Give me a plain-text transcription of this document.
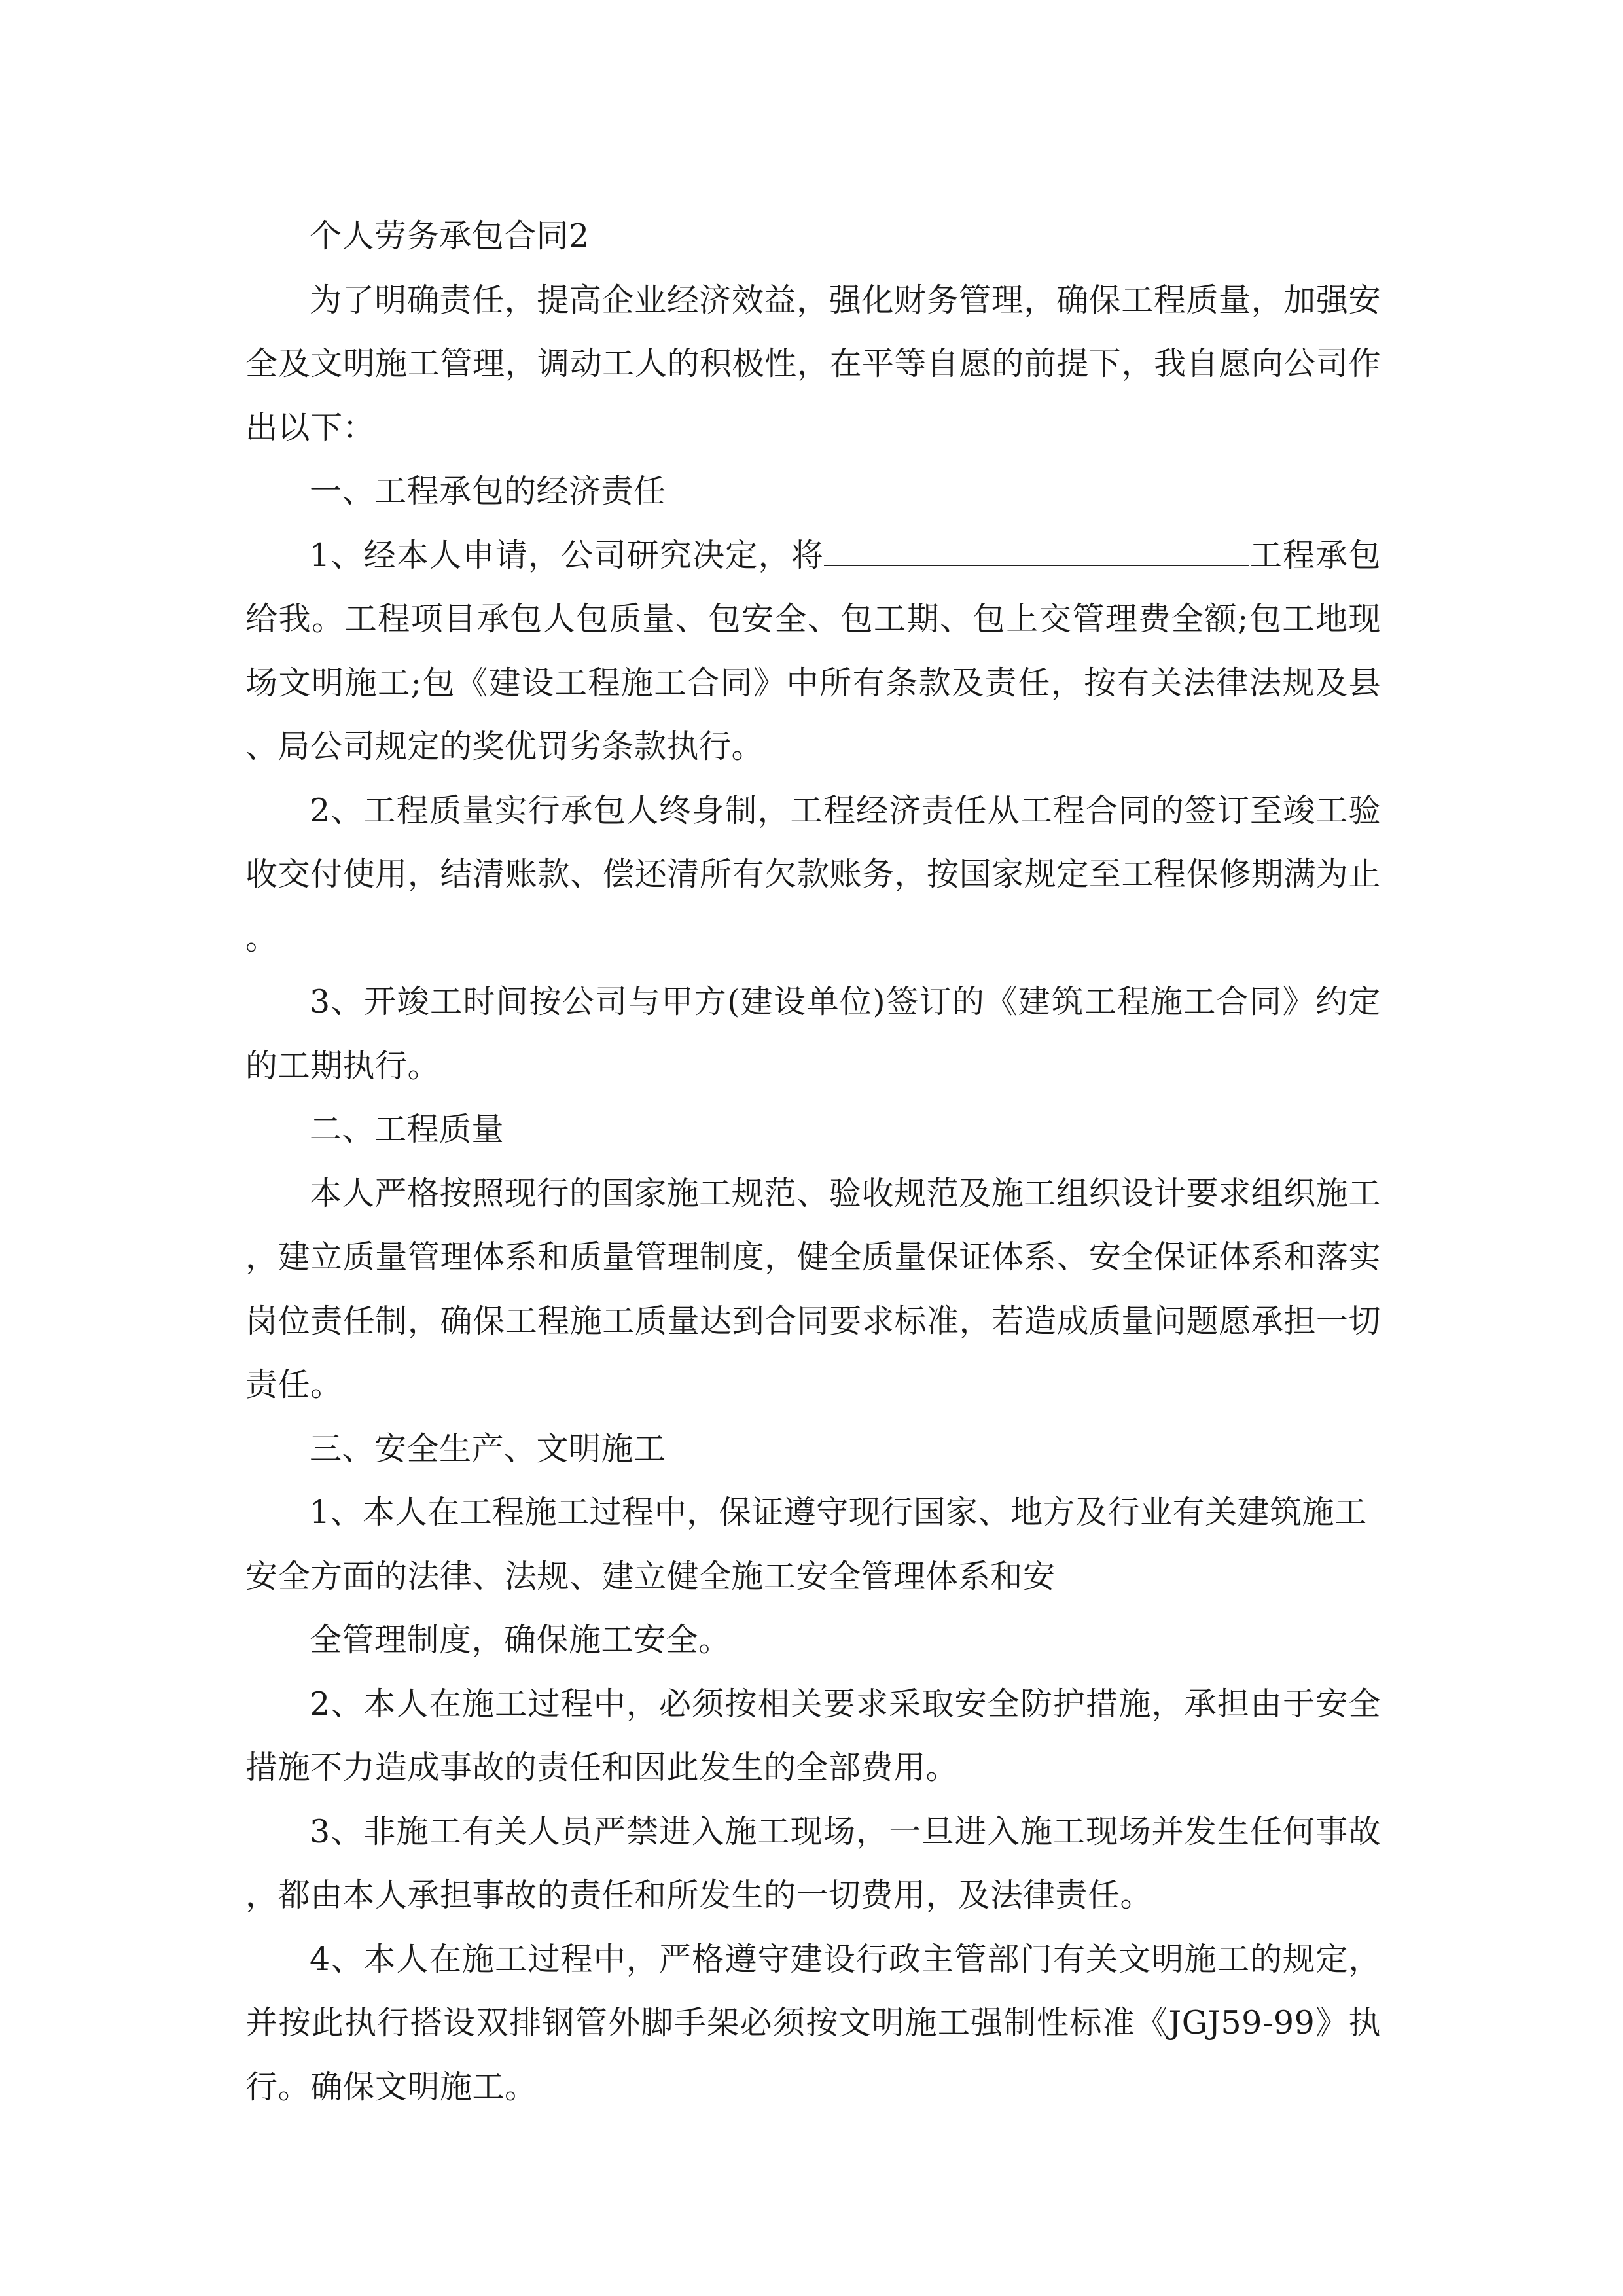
个人劳务承包合同2

为了明确责任，提高企业经济效益，强化财务管理，确保工程质量，加强安全及文明施工管理，调动工人的积极性，在平等自愿的前提下，我自愿向公司作出以下：

一、工程承包的经济责任

1、经本人申请，公司研究决定，将	工程承包给我。工程项目承包人包质量、包安全、包工期、包上交管理费全额;包工地现场文明施工;包《建设工程施工合同》中所有条款及责任，按有关法律法规及县、局公司规定的奖优罚劣条款执行。

2、工程质量实行承包人终身制，工程经济责任从工程合同的签订至竣工验收交付使用，结清账款、偿还清所有欠款账务，按国家规定至工程保修期满为止。

3、开竣工时间按公司与甲方(建设单位)签订的《建筑工程施工合同》约定的工期执行。

二、工程质量

本人严格按照现行的国家施工规范、验收规范及施工组织设计要求组织施工，建立质量管理体系和质量管理制度，健全质量保证体系、安全保证体系和落实岗位责任制，确保工程施工质量达到合同要求标准，若造成质量问题愿承担一切责任。

三、安全生产、文明施工

1、本人在工程施工过程中，保证遵守现行国家、地方及行业有关建筑施工安全方面的法律、法规、建立健全施工安全管理体系和安

全管理制度，确保施工安全。

2、本人在施工过程中，必须按相关要求采取安全防护措施，承担由于安全措施不力造成事故的责任和因此发生的全部费用。

3、非施工有关人员严禁进入施工现场，一旦进入施工现场并发生任何事故，都由本人承担事故的责任和所发生的一切费用，及法律责任。

4、本人在施工过程中，严格遵守建设行政主管部门有关文明施工的规定，并按此执行搭设双排钢管外脚手架必须按文明施工强制性标准《JGJ59-99》执行。确保文明施工。
